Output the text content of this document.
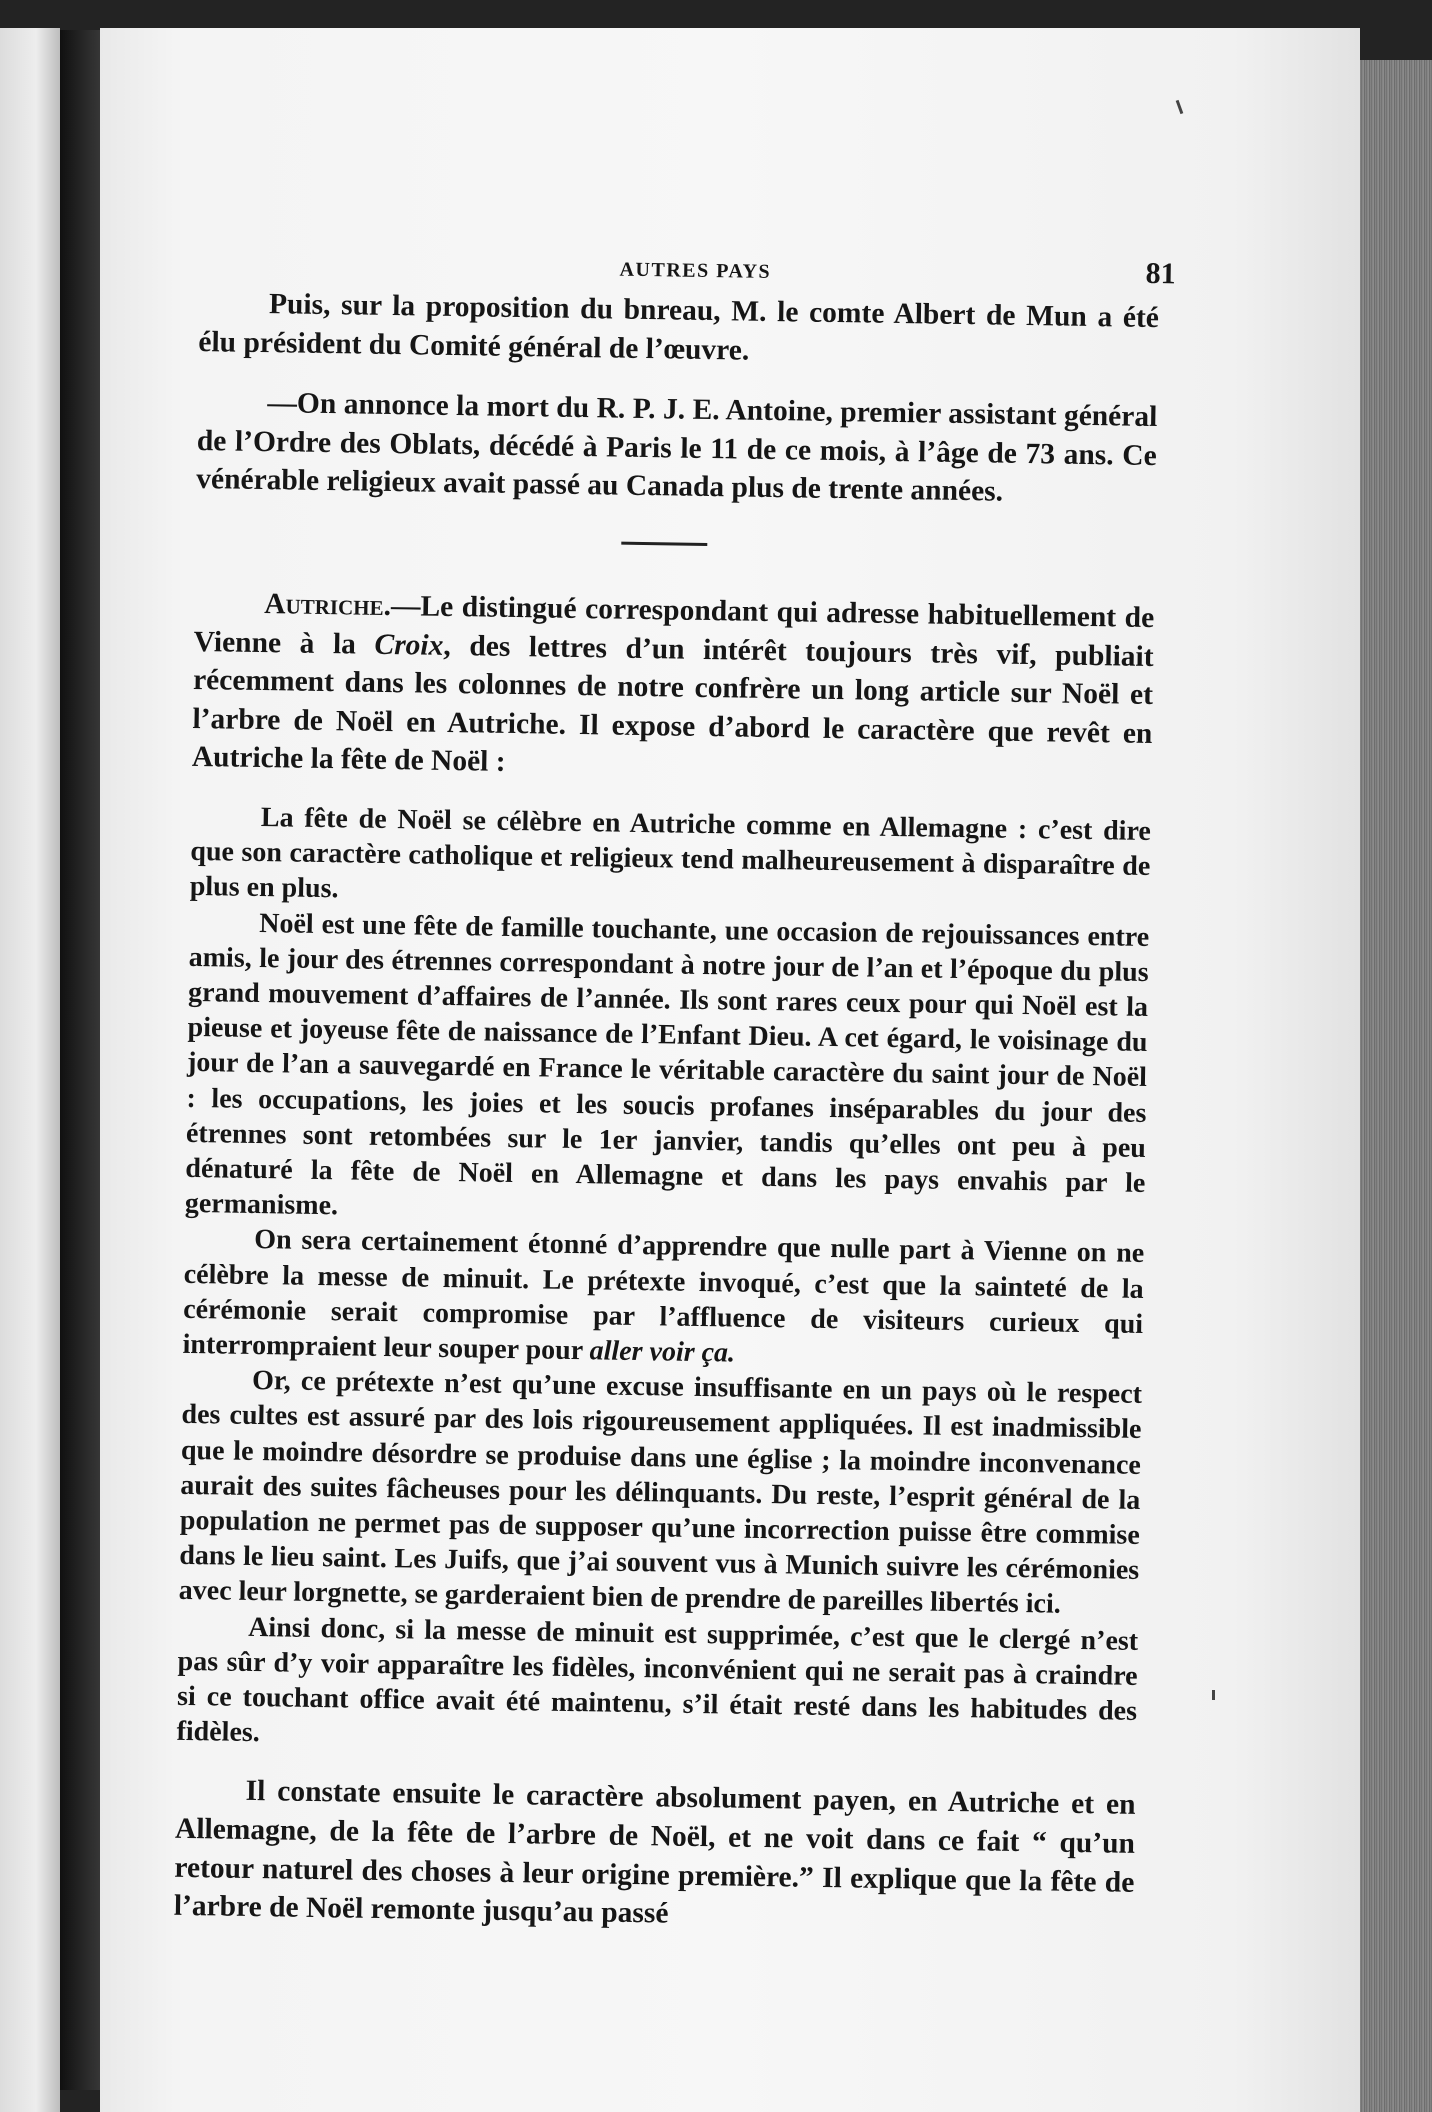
AUTRES PAYS	81

Puis, sur la proposition du bnreau, M. le comte Albert de Mun a été élu président du Comité général de l’œuvre.

—On annonce la mort du R. P. J. E. Antoine, premier assistant général de l’Ordre des Oblats, décédé à Paris le 11 de ce mois, à l’âge de 73 ans. Ce vénérable religieux avait passé au Canada plus de trente années.

Autriche.—Le distingué correspondant qui adresse habituellement de Vienne à la Croix, des lettres d’un intérêt toujours très vif, publiait récemment dans les colonnes de notre confrère un long article sur Noël et l’arbre de Noël en Autriche. Il expose d’abord le caractère que revêt en Autriche la fête de Noël :

La fête de Noël se célèbre en Autriche comme en Allemagne : c’est dire que son caractère catholique et religieux tend malheureusement à disparaître de plus en plus.

Noël est une fête de famille touchante, une occasion de rejouissances entre amis, le jour des étrennes correspondant à notre jour de l’an et l’époque du plus grand mouvement d’affaires de l’année. Ils sont rares ceux pour qui Noël est la pieuse et joyeuse fête de naissance de l’Enfant Dieu. A cet égard, le voisinage du jour de l’an a sauvegardé en France le véritable caractère du saint jour de Noël : les occupations, les joies et les soucis profanes inséparables du jour des étrennes sont retombées sur le 1er janvier, tandis qu’elles ont peu à peu dénaturé la fête de Noël en Allemagne et dans les pays envahis par le germanisme.

On sera certainement étonné d’apprendre que nulle part à Vienne on ne célèbre la messe de minuit. Le prétexte invoqué, c’est que la sainteté de la cérémonie serait compromise par l’affluence de visiteurs curieux qui interrompraient leur souper pour aller voir ça.

Or, ce prétexte n’est qu’une excuse insuffisante en un pays où le respect des cultes est assuré par des lois rigoureusement appliquées. Il est inadmissible que le moindre désordre se produise dans une église ; la moindre inconvenance aurait des suites fâcheuses pour les délinquants. Du reste, l’esprit général de la population ne permet pas de supposer qu’une incorrection puisse être commise dans le lieu saint. Les Juifs, que j’ai souvent vus à Munich suivre les cérémonies avec leur lorgnette, se garderaient bien de prendre de pareilles libertés ici.

Ainsi donc, si la messe de minuit est supprimée, c’est que le clergé n’est pas sûr d’y voir apparaître les fidèles, inconvénient qui ne serait pas à craindre si ce touchant office avait été maintenu, s’il était resté dans les habitudes des fidèles.

Il constate ensuite le caractère absolument payen, en Autriche et en Allemagne, de la fête de l’arbre de Noël, et ne voit dans ce fait “ qu’un retour naturel des choses à leur origine première.” Il explique que la fête de l’arbre de Noël remonte jusqu’au passé
